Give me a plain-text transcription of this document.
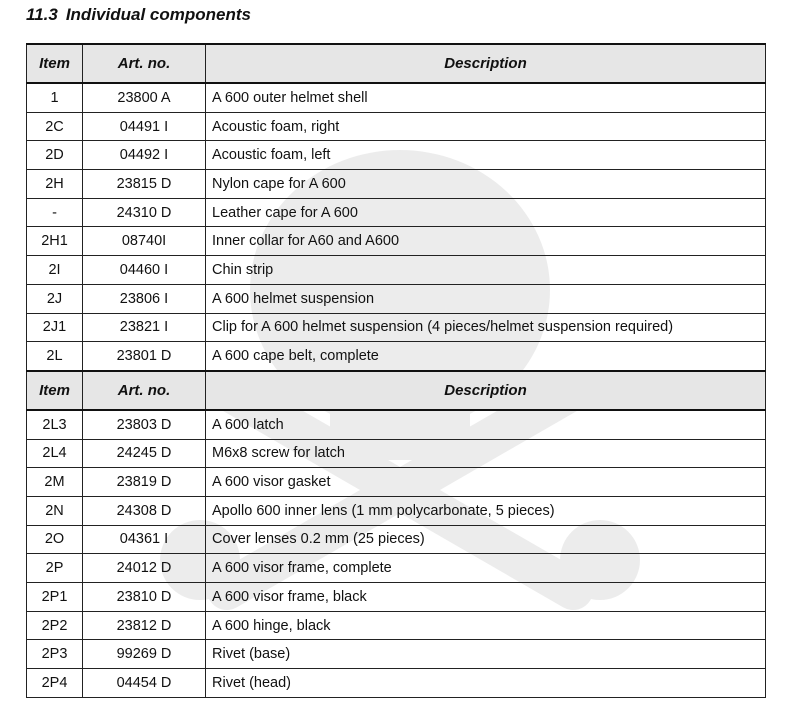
11.3 Individual components
Item	Art. no.	Description
1	23800 A	A 600 outer helmet shell
2C	04491 I	Acoustic foam, right
2D	04492 I	Acoustic foam, left
2H	23815 D	Nylon cape for A 600
-	24310 D	Leather cape for A 600
2H1	08740I	Inner collar for A60 and A600
2I	04460 I	Chin strip
2J	23806 I	A 600 helmet suspension
2J1	23821 I	Clip for A 600 helmet suspension (4 pieces/helmet suspension required)
2L	23801 D	A 600 cape belt, complete
Item	Art. no.	Description
2L3	23803 D	A 600 latch
2L4	24245 D	M6x8 screw for latch
2M	23819 D	A 600 visor gasket
2N	24308 D	Apollo 600 inner lens (1 mm polycarbonate, 5 pieces)
2O	04361 I	Cover lenses 0.2 mm (25 pieces)
2P	24012 D	A 600 visor frame, complete
2P1	23810 D	A 600 visor frame, black
2P2	23812 D	A 600 hinge, black
2P3	99269 D	Rivet (base)
2P4	04454 D	Rivet (head)
